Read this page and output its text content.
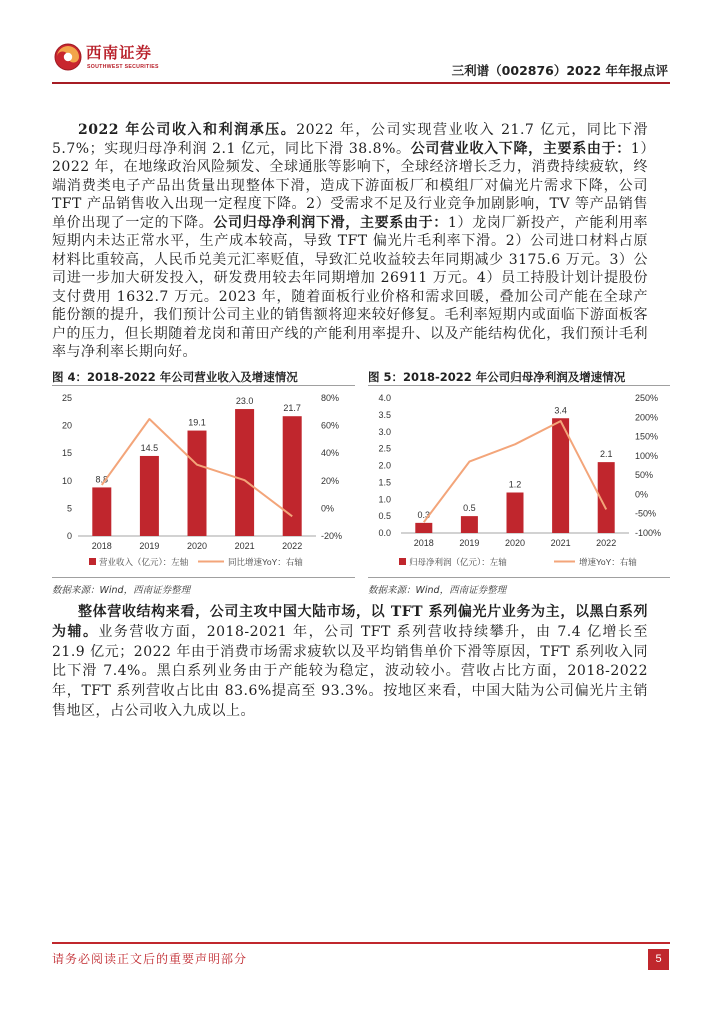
西南证券
SOUTHWEST SECURITIES	三利谱（002876）2022 年年报点评

2022 年公司收入和利润承压。2022 年，公司实现营业收入 21.7 亿元，同比下滑 5.7%；实现归母净利润 2.1 亿元，同比下滑 38.8%。公司营业收入下降，主要系由于：1）2022 年，在地缘政治风险频发、全球通胀等影响下，全球经济增长乏力，消费持续疲软，终端消费类电子产品出货量出现整体下滑，造成下游面板厂和模组厂对偏光片需求下降，公司 TFT 产品销售收入出现一定程度下降。2）受需求不足及行业竞争加剧影响，TV 等产品销售单价出现了一定的下降。公司归母净利润下滑，主要系由于：1）龙岗厂新投产，产能利用率短期内未达正常水平，生产成本较高，导致 TFT 偏光片毛利率下滑。2）公司进口材料占原材料比重较高，人民币兑美元汇率贬值，导致汇兑收益较去年同期减少 3175.6 万元。3）公司进一步加大研发投入，研发费用较去年同期增加 26911 万元。4）员工持股计划计提股份支付费用 1632.7 万元。2023 年，随着面板行业价格和需求回暖，叠加公司产能在全球产能份额的提升，我们预计公司主业的销售额将迎来较好修复。毛利率短期内或面临下游面板客户的压力，但长期随着龙岗和莆田产线的产能利用率提升、以及产能结构优化，我们预计毛利率与净利率长期向好。

图 4：2018-2022 年公司营业收入及增速情况
营业收入（亿元）：左轴	同比增速YoY：右轴
0
5
10
15
20
25
-20%
0%
20%
40%
60%
80%
2018	2019	2020	2021	2022
8.8
14.5
19.1
23.0
21.7
数据来源：Wind，西南证券整理
图 5：2018-2022 年公司归母净利润及增速情况
归母净利润（亿元）：左轴	增速YoY：右轴
0.0
0.5
1.0
1.5
2.0
2.5
3.0
3.5
4.0
-100%
-50%
0%
50%
100%
150%
200%
250%
2018	2019	2020	2021	2022
0.3
0.5
1.2
3.4
2.1
数据来源：Wind，西南证券整理

整体营收结构来看，公司主攻中国大陆市场，以 TFT 系列偏光片业务为主，以黑白系列为辅。业务营收方面，2018-2021 年，公司 TFT 系列营收持续攀升，由 7.4 亿增长至 21.9 亿元；2022 年由于消费市场需求疲软以及平均销售单价下滑等原因，TFT 系列收入同比下滑 7.4%。黑白系列业务由于产能较为稳定，波动较小。营收占比方面，2018-2022 年，TFT 系列营收占比由 83.6%提高至 93.3%。按地区来看，中国大陆为公司偏光片主销售地区，占公司收入九成以上。

请务必阅读正文后的重要声明部分	5
